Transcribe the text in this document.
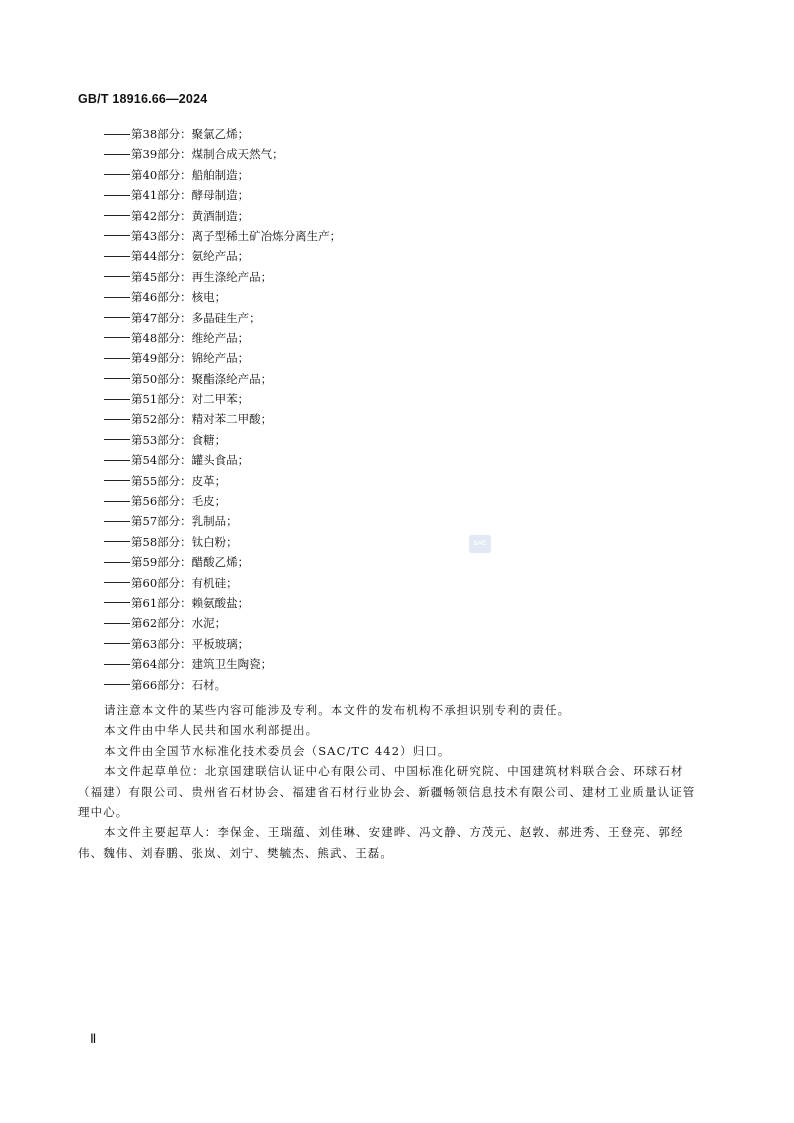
GB/T 18916.66—2024
第38部分：聚氯乙烯；
第39部分：煤制合成天然气；
第40部分：船舶制造；
第41部分：酵母制造；
第42部分：黄酒制造；
第43部分：离子型稀土矿冶炼分离生产；
第44部分：氨纶产品；
第45部分：再生涤纶产品；
第46部分：核电；
第47部分：多晶硅生产；
第48部分：维纶产品；
第49部分：锦纶产品；
第50部分：聚酯涤纶产品；
第51部分：对二甲苯；
第52部分：精对苯二甲酸；
第53部分：食糖；
第54部分：罐头食品；
第55部分：皮革；
第56部分：毛皮；
第57部分：乳制品；
第58部分：钛白粉；
第59部分：醋酸乙烯；
第60部分：有机硅；
第61部分：赖氨酸盐；
第62部分：水泥；
第63部分：平板玻璃；
第64部分：建筑卫生陶瓷；
第66部分：石材。
SAC

请注意本文件的某些内容可能涉及专利。本文件的发布机构不承担识别专利的责任。

本文件由中华人民共和国水利部提出。

本文件由全国节水标准化技术委员会（SAC/TC 442）归口。

本文件起草单位：北京国建联信认证中心有限公司、中国标准化研究院、中国建筑材料联合会、环球石材（福建）有限公司、贵州省石材协会、福建省石材行业协会、新疆畅领信息技术有限公司、建材工业质量认证管理中心。

本文件主要起草人：李保金、王瑞蕴、刘佳琳、安建晔、冯文静、方茂元、赵敦、郝进秀、王登亮、郭经伟、魏伟、刘春鹏、张岚、刘宁、樊毓杰、熊武、王磊。

Ⅱ
